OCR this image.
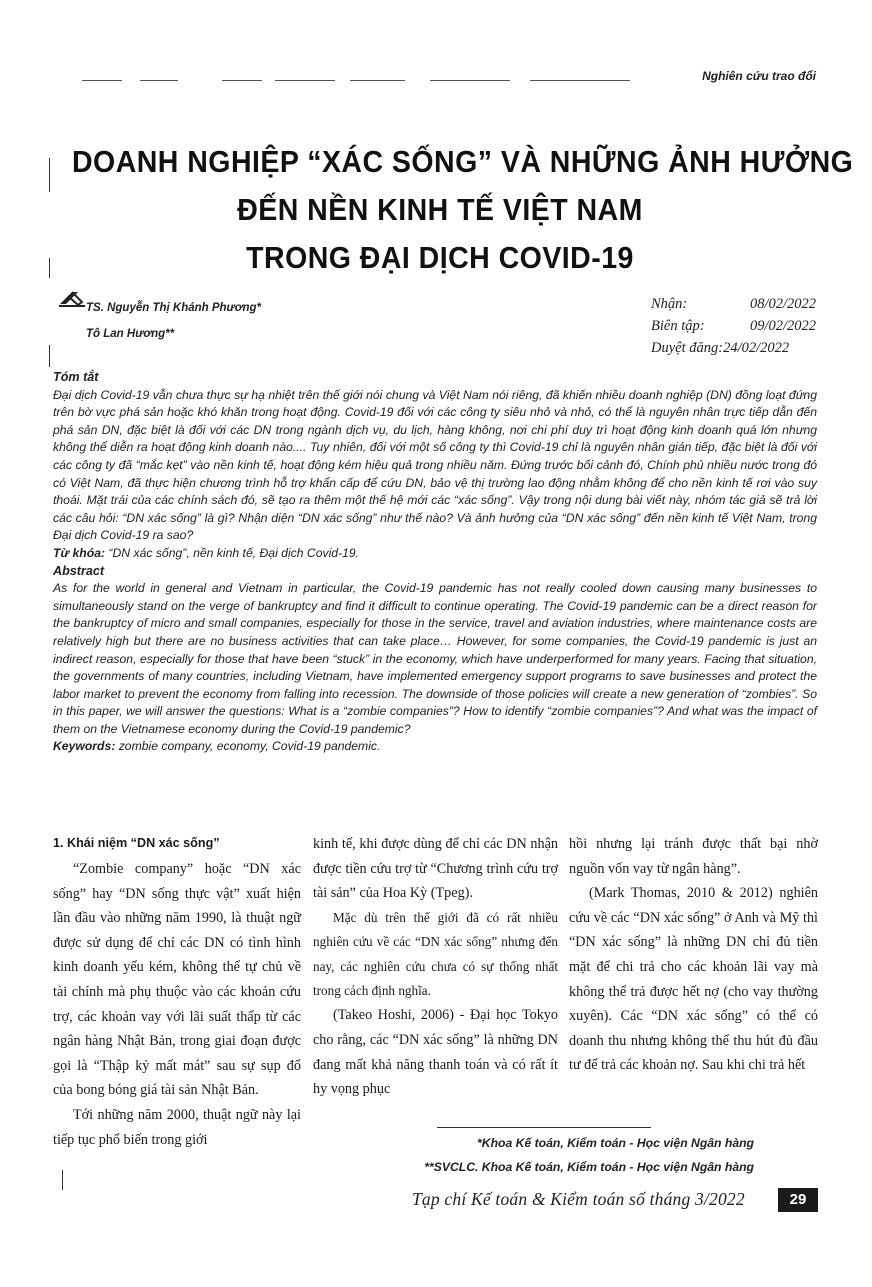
Nghiên cứu trao đổi
DOANH NGHIỆP “XÁC SỐNG” VÀ NHỮNG ẢNH HƯỞNG
ĐẾN NỀN KINH TẾ VIỆT NAM
TRONG ĐẠI DỊCH COVID-19
TS. Nguyễn Thị Khánh Phương*
Tô Lan Hương**
Nhận:	08/02/2022
Biên tập:	09/02/2022
Duyệt đăng: 24/02/2022
Tóm tắt

Đại dịch Covid-19 vẫn chưa thực sự hạ nhiệt trên thế giới nói chung và Việt Nam nói riêng, đã khiến nhiều doanh nghiệp (DN) đồng loạt đứng trên bờ vực phá sản hoặc khó khăn trong hoạt động. Covid-19 đối với các công ty siêu nhỏ và nhỏ, có thể là nguyên nhân trực tiếp dẫn đến phá sản DN, đặc biệt là đối với các DN trong ngành dịch vụ, du lịch, hàng không, nơi chi phí duy trì hoạt động kinh doanh quá lớn nhưng không thể diễn ra hoạt động kinh doanh nào.... Tuy nhiên, đối với một số công ty thì Covid-19 chỉ là nguyên nhân gián tiếp, đặc biệt là đối với các công ty đã “mắc kẹt” vào nền kinh tế, hoạt động kém hiệu quả trong nhiều năm. Đứng trước bối cảnh đó, Chính phủ nhiều nước trong đó có Việt Nam, đã thực hiện chương trình hỗ trợ khẩn cấp để cứu DN, bảo vệ thị trường lao động nhằm không để cho nền kinh tế rơi vào suy thoái. Mặt trái của các chính sách đó, sẽ tạo ra thêm một thế hệ mới các “xác sống”. Vậy trong nội dung bài viết này, nhóm tác giả sẽ trả lời các câu hỏi: “DN xác sống” là gì? Nhận diện “DN xác sống” như thế nào? Và ảnh hưởng của “DN xác sống” đến nền kinh tế Việt Nam, trong Đại dịch Covid-19 ra sao?

Từ khóa: “DN xác sống”, nền kinh tế, Đại dịch Covid-19.
Abstract

As for the world in general and Vietnam in particular, the Covid-19 pandemic has not really cooled down causing many businesses to simultaneously stand on the verge of bankruptcy and find it difficult to continue operating. The Covid-19 pandemic can be a direct reason for the bankruptcy of micro and small companies, especially for those in the service, travel and aviation industries, where maintenance costs are relatively high but there are no business activities that can take place… However, for some companies, the Covid-19 pandemic is just an indirect reason, especially for those that have been “stuck” in the economy, which have underperformed for many years. Facing that situation, the governments of many countries, including Vietnam, have implemented emergency support programs to save businesses and protect the labor market to prevent the economy from falling into recession. The downside of those policies will create a new generation of “zombies”. So in this paper, we will answer the questions: What is a “zombie companies”? How to identify “zombie companies”? And what was the impact of them on the Vietnamese economy during the Covid-19 pandemic?

Keywords: zombie company, economy, Covid-19 pandemic.
1. Khái niệm “DN xác sống”

“Zombie company” hoặc “DN xác sống” hay “DN sống thực vật” xuất hiện lần đầu vào những năm 1990, là thuật ngữ được sử dụng để chỉ các DN có tình hình kinh doanh yếu kém, không thể tự chủ về tài chính mà phụ thuộc vào các khoản cứu trợ, các khoản vay với lãi suất thấp từ các ngân hàng Nhật Bản, trong giai đoạn được gọi là “Thập kỷ mất mát” sau sự sụp đổ của bong bóng giá tài sản Nhật Bản.

Tới những năm 2000, thuật ngữ này lại tiếp tục phổ biến trong giới

kinh tế, khi được dùng để chỉ các DN nhận được tiền cứu trợ từ “Chương trình cứu trợ tài sản” của Hoa Kỳ (Tpeg).

Mặc dù trên thế giới đã có rất nhiều nghiên cứu về các “DN xác sống” nhưng đến nay, các nghiên cứu chưa có sự thống nhất trong cách định nghĩa.

(Takeo Hoshi, 2006) - Đại học Tokyo cho rằng, các “DN xác sống” là những DN đang mất khả năng thanh toán và có rất ít hy vọng phục

hồi nhưng lại tránh được thất bại nhờ nguồn vốn vay từ ngân hàng”.

(Mark Thomas, 2010 & 2012) nghiên cứu về các “DN xác sống” ở Anh và Mỹ thì “DN xác sống” là những DN chỉ đủ tiền mặt để chi trả cho các khoản lãi vay mà không thể trả được hết nợ (cho vay thường xuyên). Các “DN xác sống” có thể có doanh thu nhưng không thể thu hút đủ đầu tư để trả các khoản nợ. Sau khi chi trả hết

*Khoa Kế toán, Kiểm toán - Học viện Ngân hàng
**SVCLC. Khoa Kế toán, Kiểm toán - Học viện Ngân hàng
Tạp chí Kế toán & Kiểm toán số tháng 3/2022	29
